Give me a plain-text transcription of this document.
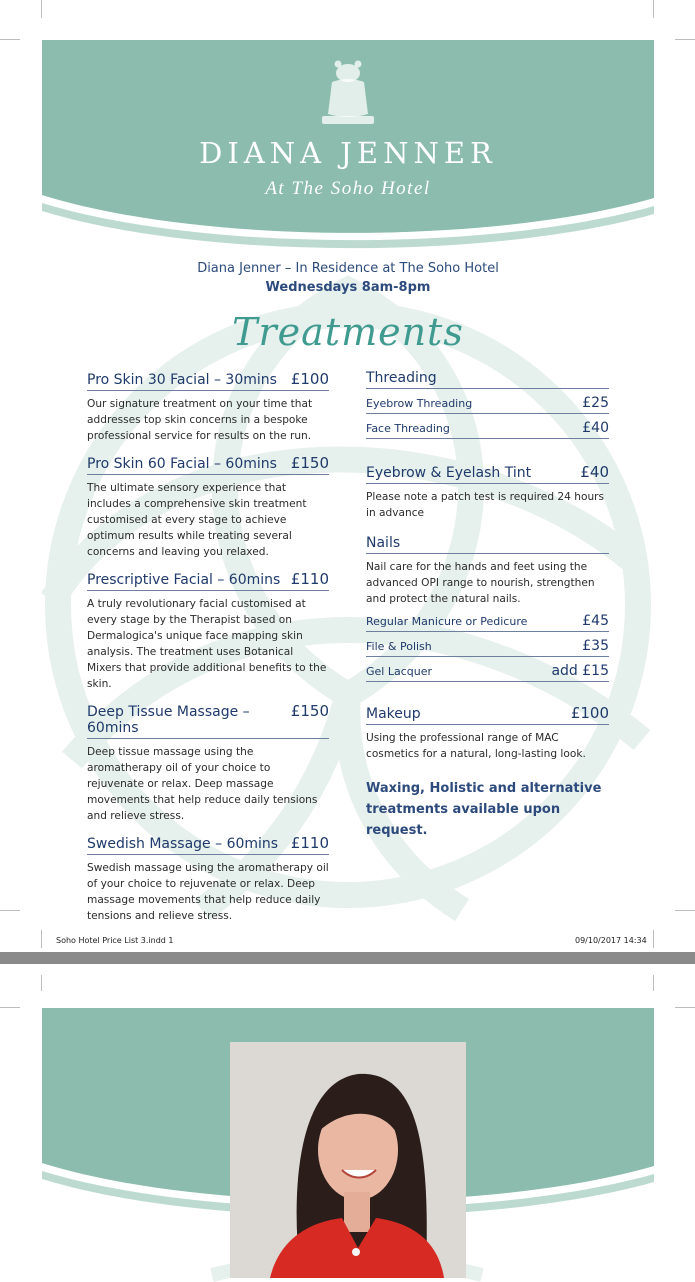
DIANA JENNER
At The Soho Hotel
Diana Jenner – In Residence at The Soho Hotel
Wednesdays 8am-8pm
Treatments
Pro Skin 30 Facial – 30mins £100
Our signature treatment on your time that addresses top skin concerns in a bespoke professional service for results on the run.
Pro Skin 60 Facial – 60mins £150
The ultimate sensory experience that includes a comprehensive skin treatment customised at every stage to achieve optimum results while treating several concerns and leaving you relaxed.
Prescriptive Facial – 60mins £110
A truly revolutionary facial customised at every stage by the Therapist based on Dermalogica's unique face mapping skin analysis. The treatment uses Botanical Mixers that provide additional benefits to the skin.
Deep Tissue Massage – 60mins
£150
Deep tissue massage using the aromatherapy oil of your choice to rejuvenate or relax. Deep massage movements that help reduce daily tensions and relieve stress.
Swedish Massage – 60mins £110
Swedish massage using the aromatherapy oil of your choice to rejuvenate or relax. Deep massage movements that help reduce daily tensions and relieve stress.
Threading
Eyebrow Threading	£25
Face Threading	£40
Eyebrow & Eyelash Tint	£40
Please note a patch test is required 24 hours in advance
Nails
Nail care for the hands and feet using the advanced OPI range to nourish, strengthen and protect the natural nails.
Regular Manicure or Pedicure	£45
File & Polish	£35
Gel Lacquer	add £15
Makeup	£100
Using the professional range of MAC cosmetics for a natural, long-lasting look.
Waxing, Holistic and alternative treatments available upon request.
Soho Hotel Price List 3.indd 1	09/10/2017 14:34
